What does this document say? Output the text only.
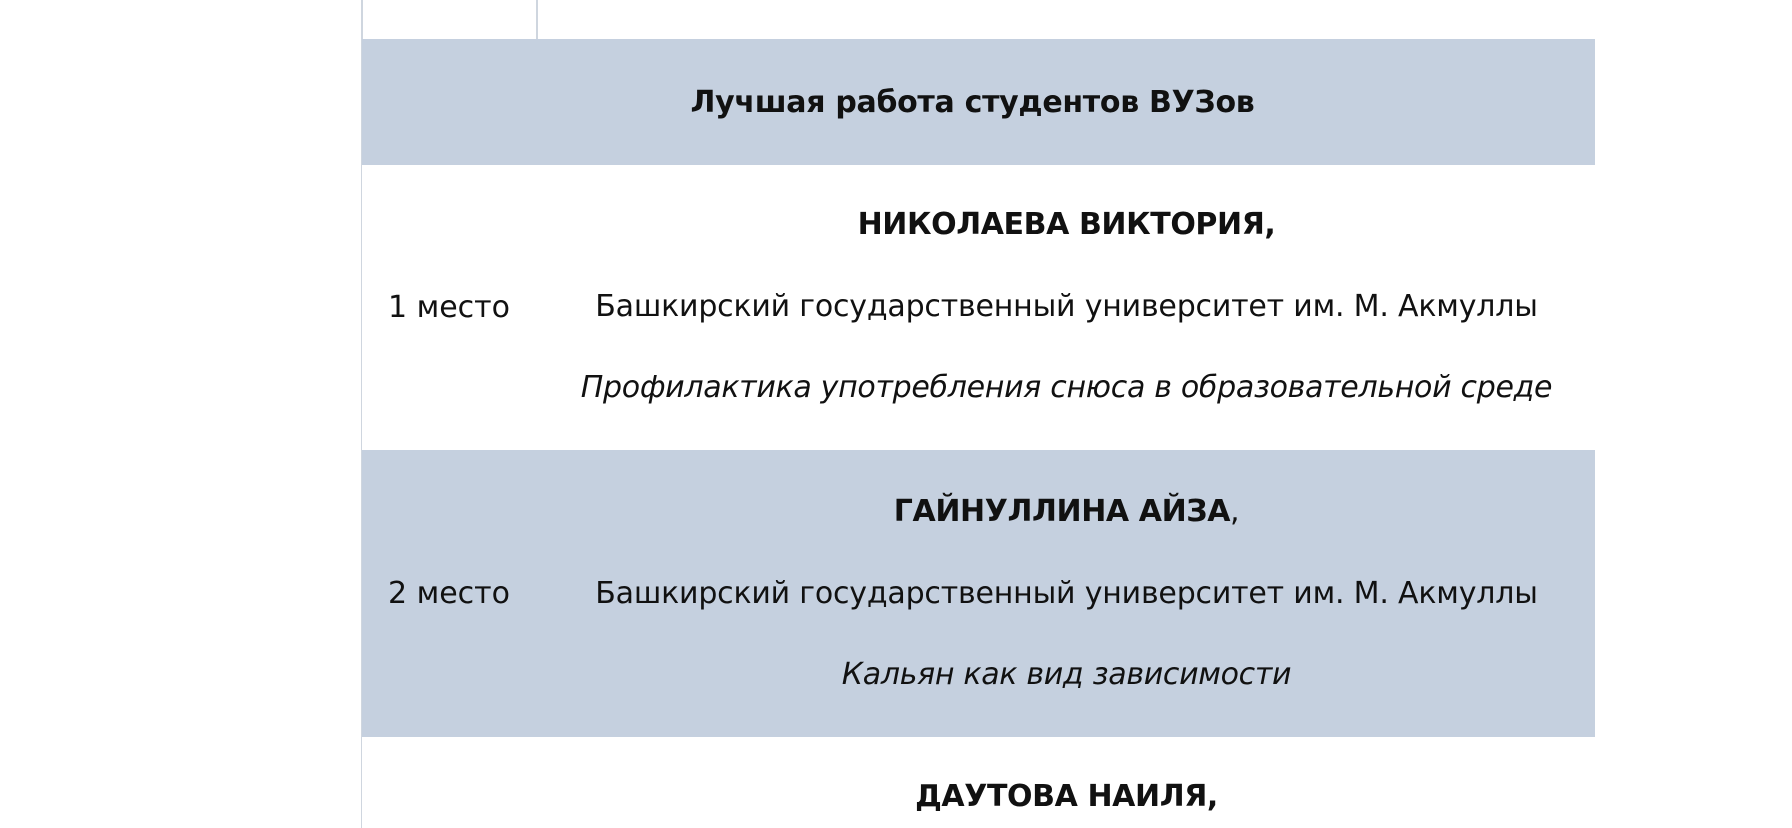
Лучшая работа студентов ВУЗов
1 место
НИКОЛАЕВА ВИКТОРИЯ,
Башкирский государственный университет им. М. Акмуллы
Профилактика употребления снюса в образовательной среде
2 место
ГАЙНУЛЛИНА АЙЗА,
Башкирский государственный университет им. М. Акмуллы
Кальян как вид зависимости
ДАУТОВА НАИЛЯ,
